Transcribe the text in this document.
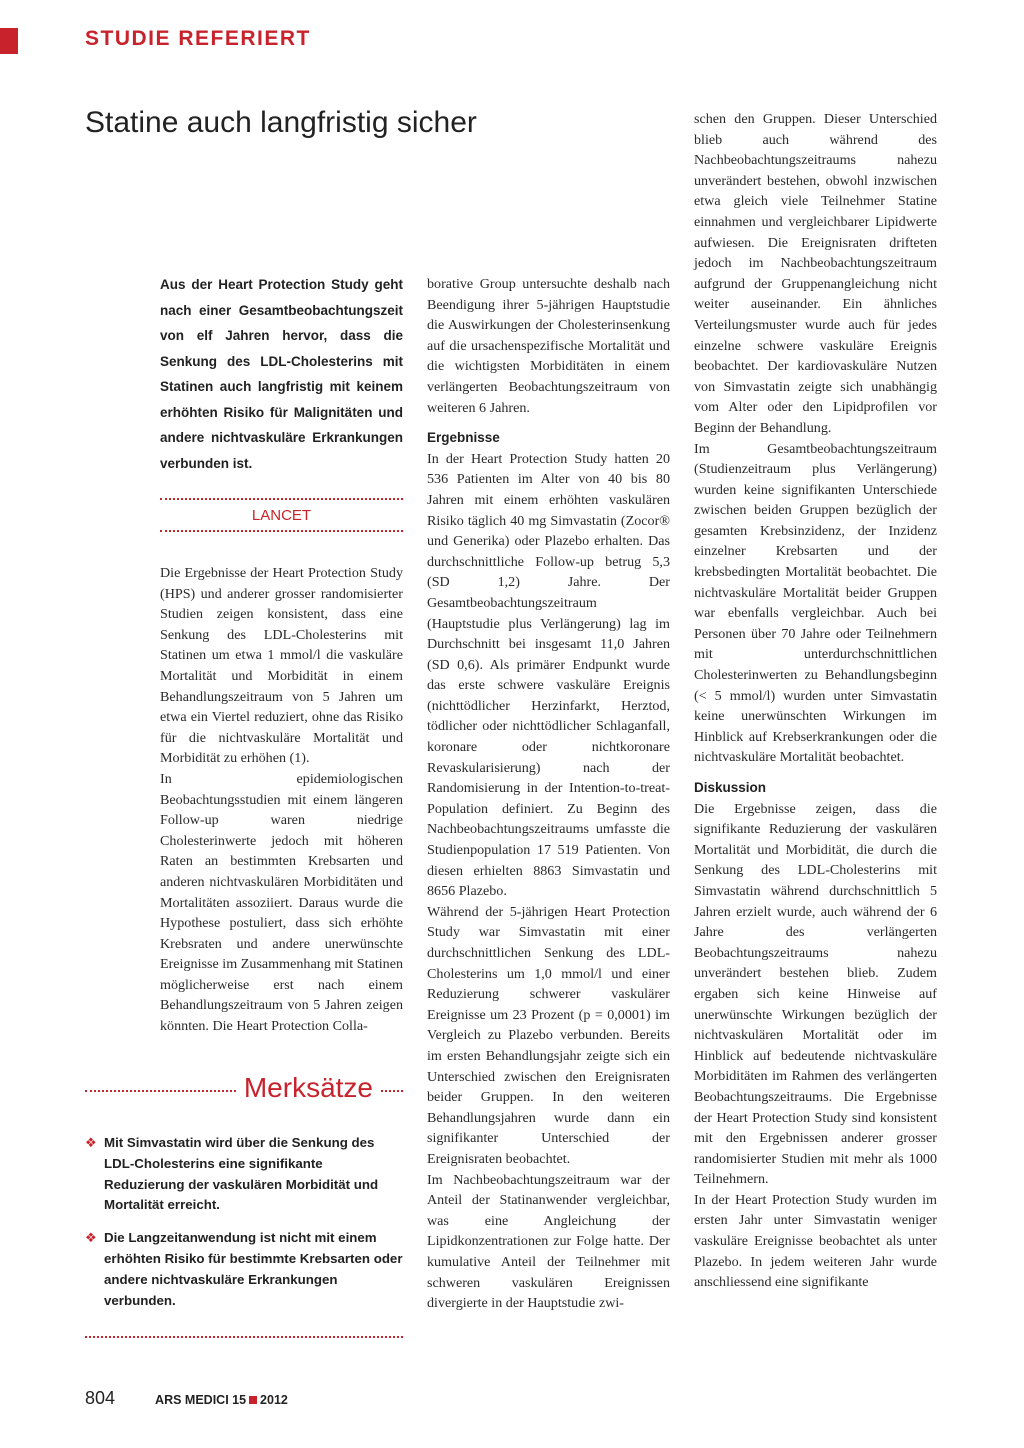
STUDIE REFERIERT
Statine auch langfristig sicher
Aus der Heart Protection Study geht nach einer Gesamtbeobachtungszeit von elf Jahren hervor, dass die Senkung des LDL-Cholesterins mit Statinen auch langfristig mit keinem erhöhten Risiko für Malignitäten und andere nichtvaskuläre Erkrankungen verbunden ist.
LANCET

Die Ergebnisse der Heart Protection Study (HPS) und anderer grosser randomisierter Studien zeigen konsistent, dass eine Senkung des LDL-Cholesterins mit Statinen um etwa 1 mmol/l die vaskuläre Mortalität und Morbidität in einem Behandlungszeitraum von 5 Jahren um etwa ein Viertel reduziert, ohne das Risiko für die nichtvaskuläre Mortalität und Morbidität zu erhöhen (1).

In epidemiologischen Beobachtungsstudien mit einem längeren Follow-up waren niedrige Cholesterinwerte jedoch mit höheren Raten an bestimmten Krebsarten und anderen nichtvaskulären Morbiditäten und Mortalitäten assoziiert. Daraus wurde die Hypothese postuliert, dass sich erhöhte Krebsraten und andere unerwünschte Ereignisse im Zusammenhang mit Statinen möglicherweise erst nach einem Behandlungszeitraum von 5 Jahren zeigen könnten. Die Heart Protection Colla-

borative Group untersuchte deshalb nach Beendigung ihrer 5-jährigen Hauptstudie die Auswirkungen der Cholesterinsenkung auf die ursachenspezifische Mortalität und die wichtigsten Morbiditäten in einem verlängerten Beobachtungszeitraum von weiteren 6 Jahren.

Ergebnisse

In der Heart Protection Study hatten 20 536 Patienten im Alter von 40 bis 80 Jahren mit einem erhöhten vaskulären Risiko täglich 40 mg Simvastatin (Zocor® und Generika) oder Plazebo erhalten. Das durchschnittliche Follow-up betrug 5,3 (SD 1,2) Jahre. Der Gesamtbeobachtungszeitraum (Hauptstudie plus Verlängerung) lag im Durchschnitt bei insgesamt 11,0 Jahren (SD 0,6). Als primärer Endpunkt wurde das erste schwere vaskuläre Ereignis (nichttödlicher Herzinfarkt, Herztod, tödlicher oder nichttödlicher Schlaganfall, koronare oder nichtkoronare Revaskularisierung) nach der Randomisierung in der Intention-to-treat-Population definiert. Zu Beginn des Nachbeobachtungszeitraums umfasste die Studienpopulation 17 519 Patienten. Von diesen erhielten 8863 Simvastatin und 8656 Plazebo.

Während der 5-jährigen Heart Protection Study war Simvastatin mit einer durchschnittlichen Senkung des LDL-Cholesterins um 1,0 mmol/l und einer Reduzierung schwerer vaskulärer Ereignisse um 23 Prozent (p = 0,0001) im Vergleich zu Plazebo verbunden. Bereits im ersten Behandlungsjahr zeigte sich ein Unterschied zwischen den Ereignisraten beider Gruppen. In den weiteren Behandlungsjahren wurde dann ein signifikanter Unterschied der Ereignisraten beobachtet.

Im Nachbeobachtungszeitraum war der Anteil der Statinanwender vergleichbar, was eine Angleichung der Lipidkonzentrationen zur Folge hatte. Der kumulative Anteil der Teilnehmer mit schweren vaskulären Ereignissen divergierte in der Hauptstudie zwi-

schen den Gruppen. Dieser Unterschied blieb auch während des Nachbeobachtungszeitraums nahezu unverändert bestehen, obwohl inzwischen etwa gleich viele Teilnehmer Statine einnahmen und vergleichbarer Lipidwerte aufwiesen. Die Ereignisraten drifteten jedoch im Nachbeobachtungszeitraum aufgrund der Gruppenangleichung nicht weiter auseinander. Ein ähnliches Verteilungsmuster wurde auch für jedes einzelne schwere vaskuläre Ereignis beobachtet. Der kardiovaskuläre Nutzen von Simvastatin zeigte sich unabhängig vom Alter oder den Lipidprofilen vor Beginn der Behandlung.

Im Gesamtbeobachtungszeitraum (Studienzeitraum plus Verlängerung) wurden keine signifikanten Unterschiede zwischen beiden Gruppen bezüglich der gesamten Krebsinzidenz, der Inzidenz einzelner Krebsarten und der krebsbedingten Mortalität beobachtet. Die nichtvaskuläre Mortalität beider Gruppen war ebenfalls vergleichbar. Auch bei Personen über 70 Jahre oder Teilnehmern mit unterdurchschnittlichen Cholesterinwerten zu Behandlungsbeginn (< 5 mmol/l) wurden unter Simvastatin keine unerwünschten Wirkungen im Hinblick auf Krebserkrankungen oder die nichtvaskuläre Mortalität beobachtet.

Diskussion

Die Ergebnisse zeigen, dass die signifikante Reduzierung der vaskulären Mortalität und Morbidität, die durch die Senkung des LDL-Cholesterins mit Simvastatin während durchschnittlich 5 Jahren erzielt wurde, auch während der 6 Jahre des verlängerten Beobachtungszeitraums nahezu unverändert bestehen blieb. Zudem ergaben sich keine Hinweise auf unerwünschte Wirkungen bezüglich der nichtvaskulären Mortalität oder im Hinblick auf bedeutende nichtvaskuläre Morbiditäten im Rahmen des verlängerten Beobachtungszeitraums. Die Ergebnisse der Heart Protection Study sind konsistent mit den Ergebnissen anderer grosser randomisierter Studien mit mehr als 1000 Teilnehmern.

In der Heart Protection Study wurden im ersten Jahr unter Simvastatin weniger vaskuläre Ereignisse beobachtet als unter Plazebo. In jedem weiteren Jahr wurde anschliessend eine signifikante

Merksätze
❖ Mit Simvastatin wird über die Senkung des LDL-Cholesterins eine signifikante Reduzierung der vaskulären Morbidität und Mortalität erreicht.
❖ Die Langzeitanwendung ist nicht mit einem erhöhten Risiko für bestimmte Krebsarten oder andere nichtvaskuläre Erkrankungen verbunden.
804	ARS MEDICI 15 2012
